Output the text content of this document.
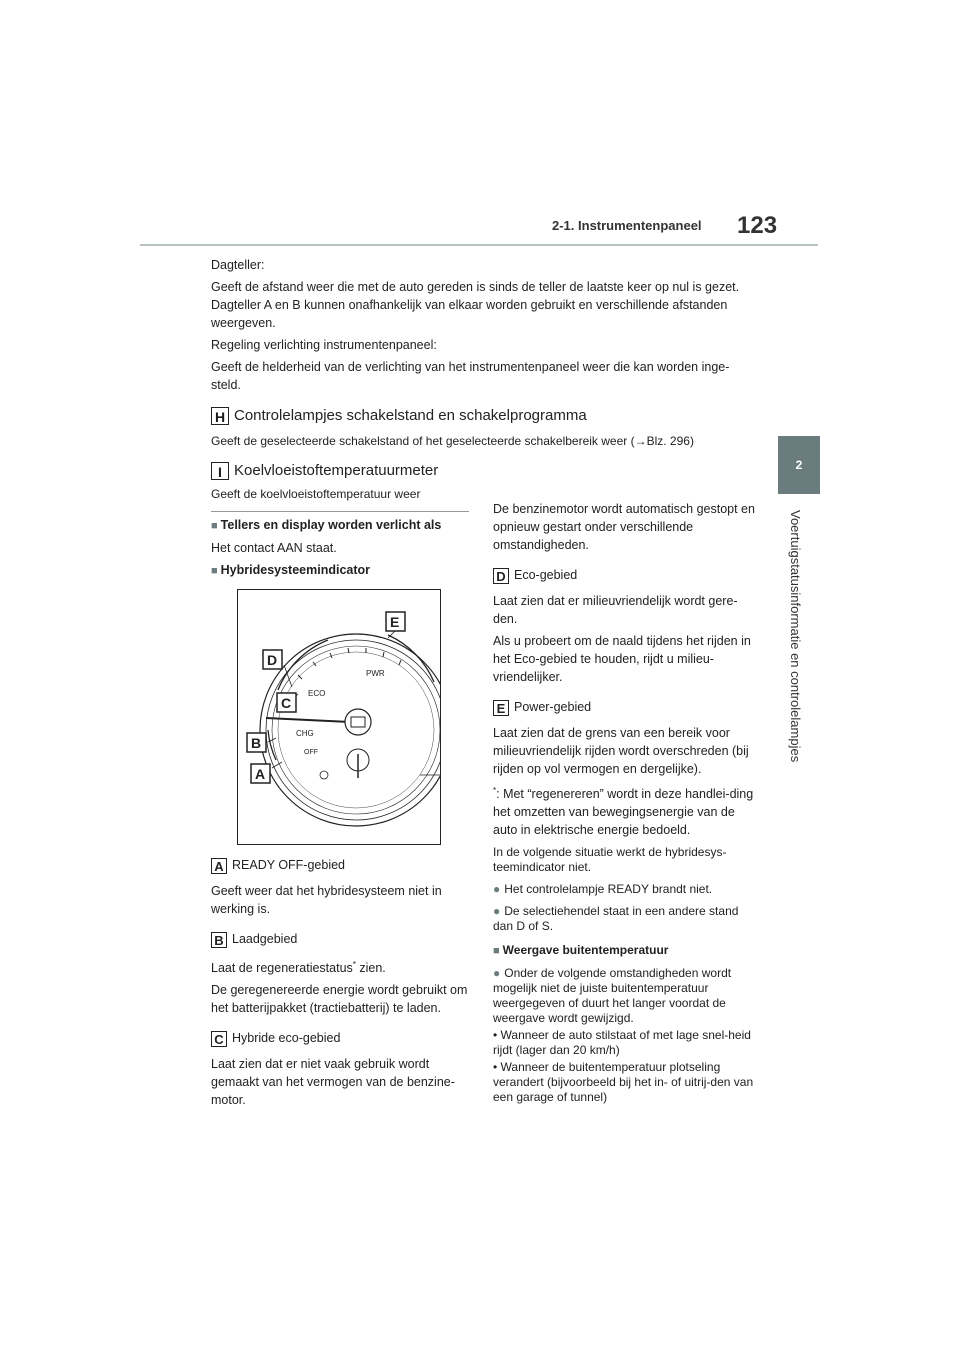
2-1. Instrumentenpaneel 123
2
Voertuigstatusinformatie en controlelampjes

Dagteller:

Geeft de afstand weer die met de auto gereden is sinds de teller de laatste keer op nul is gezet. Dagteller A en B kunnen onafhankelijk van elkaar worden gebruikt en verschillende afstanden weergeven.

Regeling verlichting instrumentenpaneel:

Geeft de helderheid van de verlichting van het instrumentenpaneel weer die kan worden inge-steld.

H Controlelampjes schakelstand en schakelprogramma

Geeft de geselecteerde schakelstand of het geselecteerde schakelbereik weer (→Blz. 296)

I Koelvloeistoftemperatuurmeter

Geeft de koelvloeistoftemperatuur weer

■ Tellers en display worden verlicht als

Het contact AAN staat.

■ Hybridesysteemindicator

E
D
C
B
A
ECO
PWR
CHG
OFF

A READY OFF-gebied

Geeft weer dat het hybridesysteem niet in werking is.

B Laadgebied

Laat de regeneratiestatus* zien.

De geregenereerde energie wordt gebruikt om het batterijpakket (tractiebatterij) te laden.

C Hybride eco-gebied

Laat zien dat er niet vaak gebruik wordt gemaakt van het vermogen van de benzine-motor.

De benzinemotor wordt automatisch gestopt en opnieuw gestart onder verschillende omstandigheden.

D Eco-gebied

Laat zien dat er milieuvriendelijk wordt gere-den.

Als u probeert om de naald tijdens het rijden in het Eco-gebied te houden, rijdt u milieu-vriendelijker.

E Power-gebied

Laat zien dat de grens van een bereik voor milieuvriendelijk rijden wordt overschreden (bij rijden op vol vermogen en dergelijke).

*: Met “regenereren” wordt in deze handlei-ding het omzetten van bewegingsenergie van de auto in elektrische energie bedoeld.

In de volgende situatie werkt de hybridesys-teemindicator niet.

● Het controlelampje READY brandt niet.

● De selectiehendel staat in een andere stand dan D of S.

■ Weergave buitentemperatuur

● Onder de volgende omstandigheden wordt mogelijk niet de juiste buitentemperatuur weergegeven of duurt het langer voordat de weergave wordt gewijzigd.

• Wanneer de auto stilstaat of met lage snel-heid rijdt (lager dan 20 km/h)

• Wanneer de buitentemperatuur plotseling verandert (bijvoorbeeld bij het in- of uitrij-den van een garage of tunnel)
